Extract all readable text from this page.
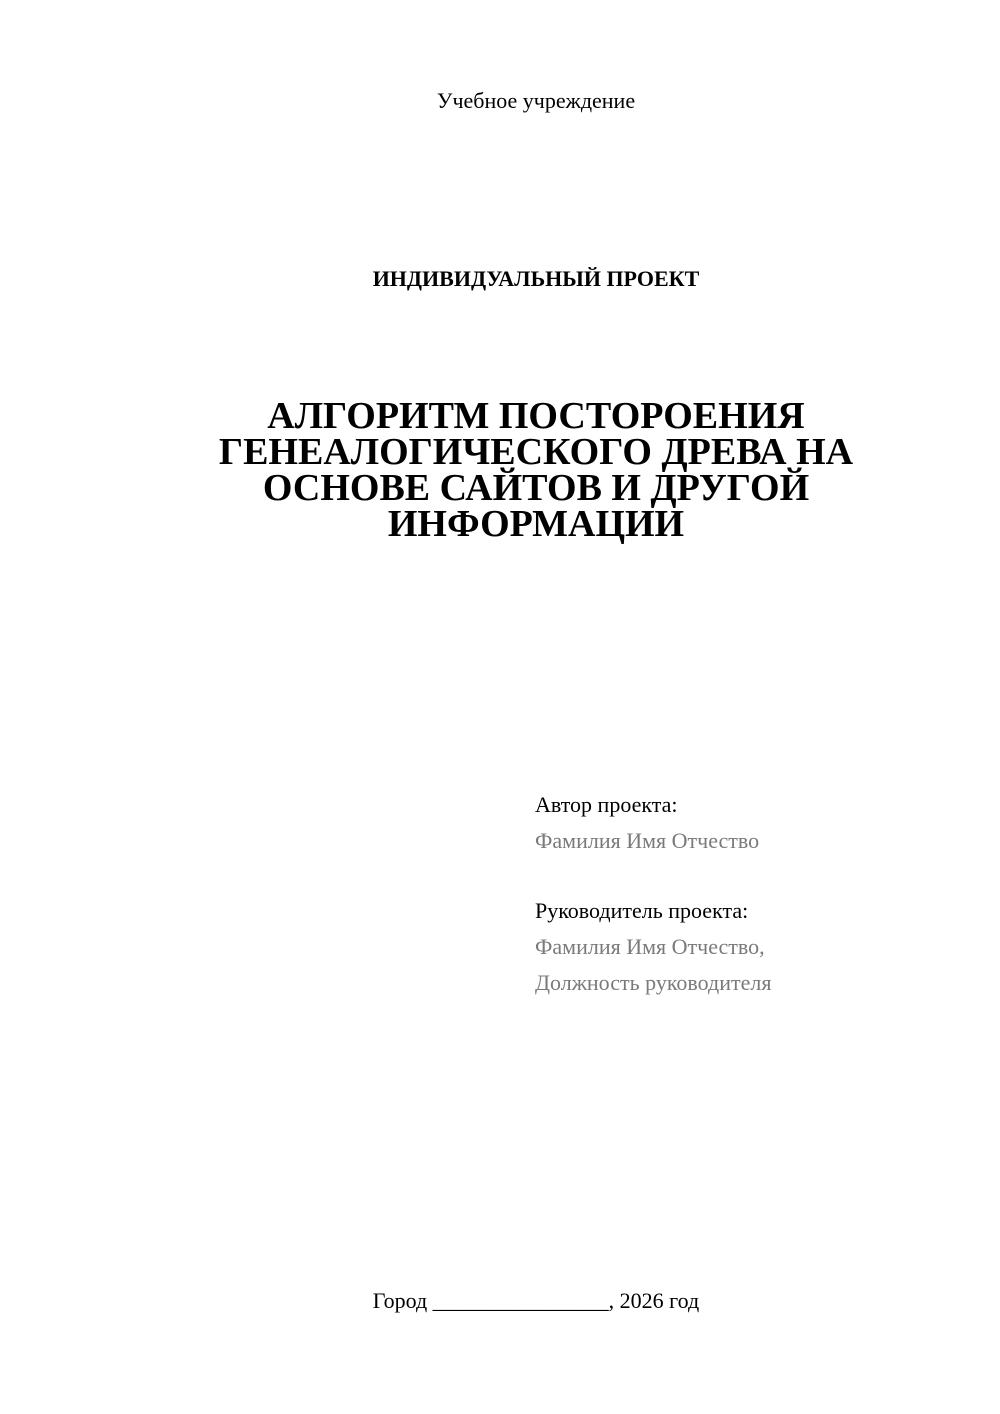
Учебное учреждение
ИНДИВИДУАЛЬНЫЙ ПРОЕКТ
АЛГОРИТМ ПОСТОРОЕНИЯ
ГЕНЕАЛОГИЧЕСКОГО ДРЕВА НА
ОСНОВЕ САЙТОВ И ДРУГОЙ
ИНФОРМАЦИИ
Автор проекта:
Фамилия Имя Отчество
Руководитель проекта:
Фамилия Имя Отчество,
Должность руководителя
Город ________________, 2026 год
